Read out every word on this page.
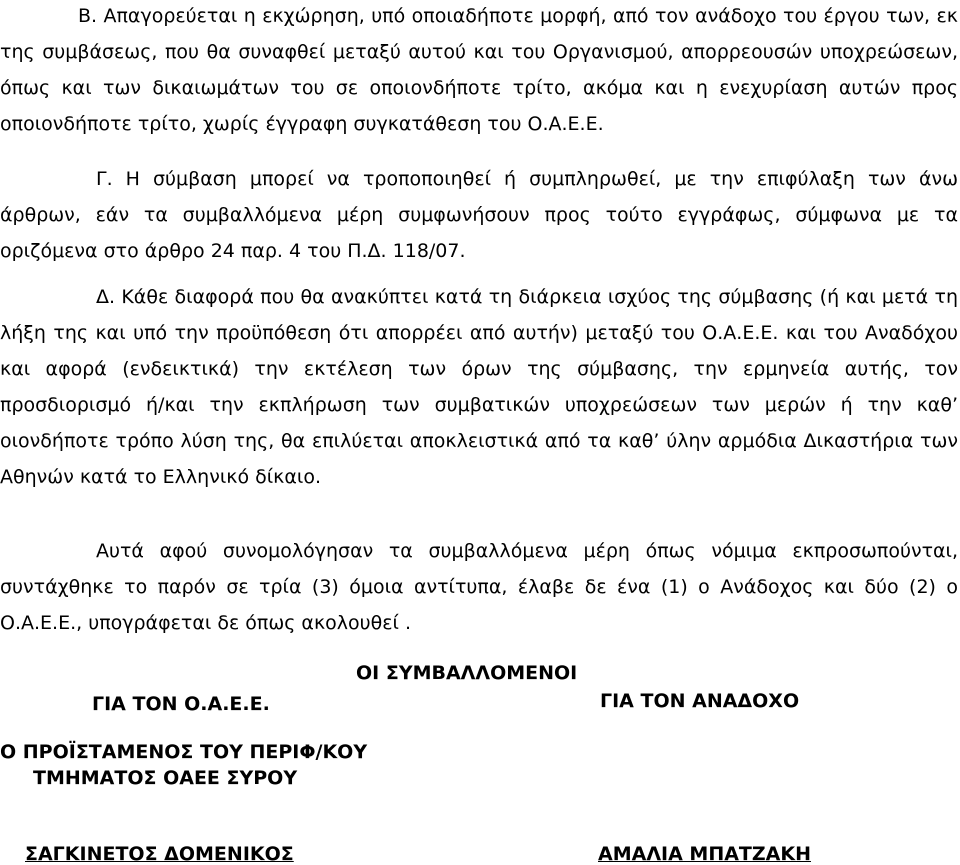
Β. Απαγορεύεται η εκχώρηση, υπό οποιαδήποτε μορφή, από τον ανάδοχο του έργου των, εκ της συμβάσεως, που θα συναφθεί μεταξύ αυτού και του Οργανισμού, απορρεουσών υποχρεώσεων, όπως και των δικαιωμάτων του σε οποιονδήποτε τρίτο, ακόμα και η ενεχυρίαση αυτών προς οποιονδήποτε τρίτο, χωρίς έγγραφη συγκατάθεση του Ο.Α.Ε.Ε.

Γ. Η σύμβαση μπορεί να τροποποιηθεί ή συμπληρωθεί, με την επιφύλαξη των άνω άρθρων, εάν τα συμβαλλόμενα μέρη συμφωνήσουν προς τούτο εγγράφως, σύμφωνα με τα οριζόμενα στο άρθρο 24 παρ. 4 του Π.Δ. 118/07.

Δ. Κάθε διαφορά που θα ανακύπτει κατά τη διάρκεια ισχύος της σύμβασης (ή και μετά τη λήξη της και υπό την προϋπόθεση ότι απορρέει από αυτήν) μεταξύ του Ο.Α.Ε.Ε. και του Αναδόχου και αφορά (ενδεικτικά) την εκτέλεση των όρων της σύμβασης, την ερμηνεία αυτής, τον προσδιορισμό ή/και την εκπλήρωση των συμβατικών υποχρεώσεων των μερών ή την καθ’ οιονδήποτε τρόπο λύση της, θα επιλύεται αποκλειστικά από τα καθ’ ύλην αρμόδια Δικαστήρια των Αθηνών κατά το Ελληνικό δίκαιο.

Αυτά αφού συνομολόγησαν τα συμβαλλόμενα μέρη όπως νόμιμα εκπροσωπούνται, συντάχθηκε το παρόν σε τρία (3) όμοια αντίτυπα, έλαβε δε ένα (1) ο Ανάδοχος και δύο (2) ο Ο.Α.Ε.Ε., υπογράφεται δε όπως ακολουθεί .

ΟΙ ΣΥΜΒΑΛΛΟΜΕΝΟΙ
ΓΙΑ ΤΟΝ Ο.Α.Ε.Ε.	ΓΙΑ ΤΟΝ ΑΝΑΔΟΧΟ
Ο ΠΡΟΪΣΤΑΜΕΝΟΣ ΤΟΥ ΠΕΡΙΦ/ΚΟΥ
ΤΜΗΜΑΤΟΣ ΟΑΕΕ ΣΥΡΟΥ
ΣΑΓΚΙΝΕΤΟΣ ΔΟΜΕΝΙΚΟΣ	ΑΜΑΛΙΑ ΜΠΑΤΖΑΚΗ
